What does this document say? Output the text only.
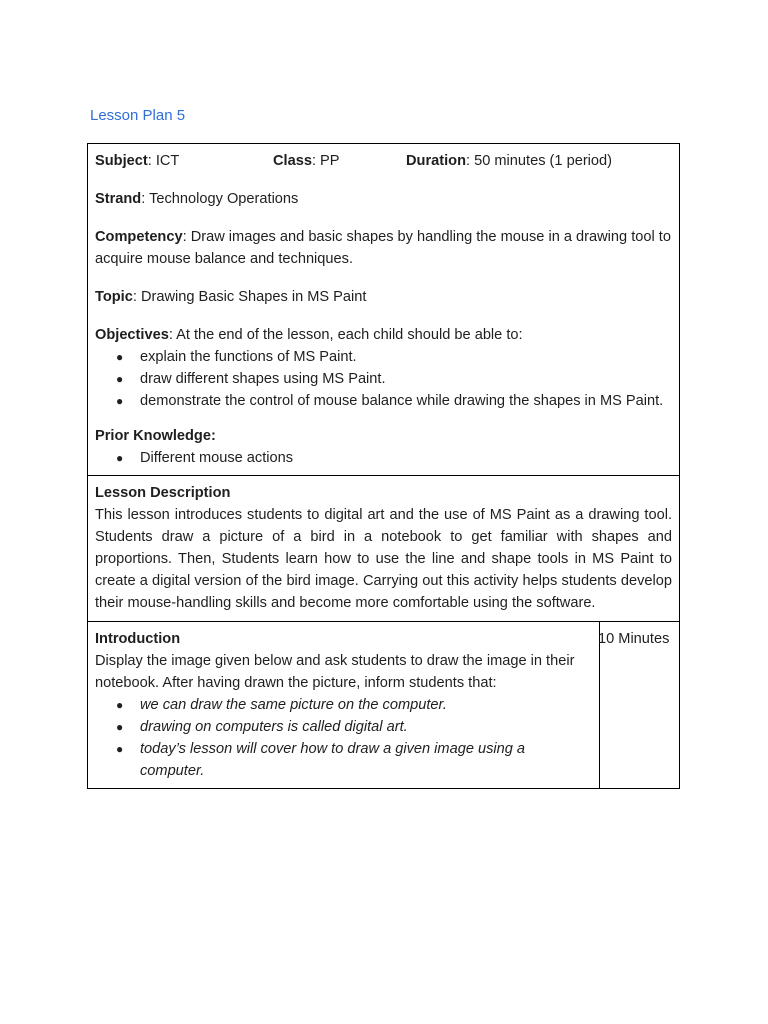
Lesson Plan 5
Subject: ICT	Class: PP	Duration: 50 minutes (1 period)

Strand: Technology Operations

Competency: Draw images and basic shapes by handling the mouse in a drawing tool to acquire mouse balance and techniques.

Topic: Drawing Basic Shapes in MS Paint

Objectives: At the end of the lesson, each child should be able to:

● explain the functions of MS Paint.
● draw different shapes using MS Paint.
● demonstrate the control of mouse balance while drawing the shapes in MS Paint.

Prior Knowledge:

● Different mouse actions

Lesson Description

This lesson introduces students to digital art and the use of MS Paint as a drawing tool. Students draw a picture of a bird in a notebook to get familiar with shapes and proportions. Then, Students learn how to use the line and shape tools in MS Paint to create a digital version of the bird image. Carrying out this activity helps students develop their mouse-handling skills and become more comfortable using the software.

Introduction

Display the image given below and ask students to draw the image in their notebook. After having drawn the picture, inform students that:

● we can draw the same picture on the computer.
● drawing on computers is called digital art.
● today’s lesson will cover how to draw a given image using a computer.
	10 Minutes
